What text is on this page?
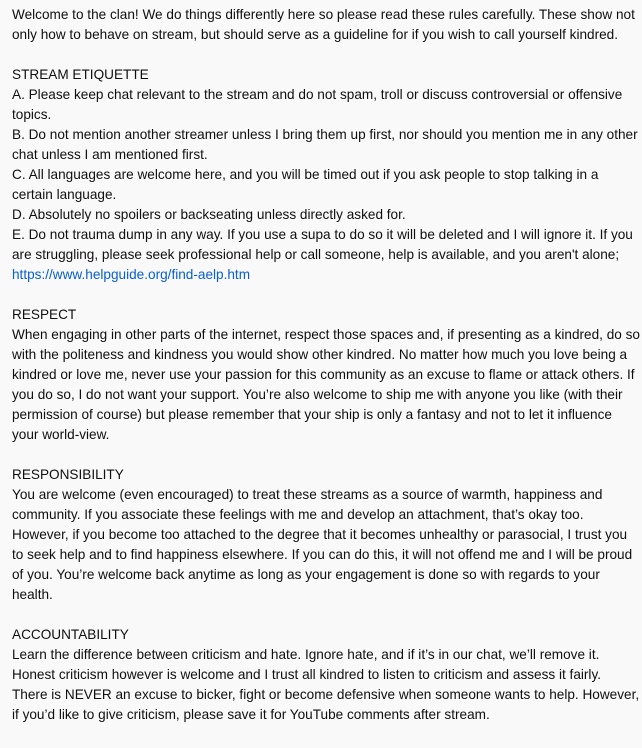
Welcome to the clan! We do things differently here so please read these rules carefully. These show not only how to behave on stream, but should serve as a guideline for if you wish to call yourself kindred.

STREAM ETIQUETTE

A. Please keep chat relevant to the stream and do not spam, troll or discuss controversial or offensive topics.

B. Do not mention another streamer unless I bring them up first, nor should you mention me in any other chat unless I am mentioned first.

C. All languages are welcome here, and you will be timed out if you ask people to stop talking in a certain language.

D. Absolutely no spoilers or backseating unless directly asked for.

E. Do not trauma dump in any way. If you use a supa to do so it will be deleted and I will ignore it. If you are struggling, please seek professional help or call someone, help is available, and you aren't alone; https://www.helpguide.org/find-aelp.htm

RESPECT

When engaging in other parts of the internet, respect those spaces and, if presenting as a kindred, do so with the politeness and kindness you would show other kindred. No matter how much you love being a kindred or love me, never use your passion for this community as an excuse to flame or attack others. If you do so, I do not want your support. You’re also welcome to ship me with anyone you like (with their permission of course) but please remember that your ship is only a fantasy and not to let it influence your world-view.

RESPONSIBILITY

You are welcome (even encouraged) to treat these streams as a source of warmth, happiness and community. If you associate these feelings with me and develop an attachment, that’s okay too. However, if you become too attached to the degree that it becomes unhealthy or parasocial, I trust you to seek help and to find happiness elsewhere. If you can do this, it will not offend me and I will be proud of you. You’re welcome back anytime as long as your engagement is done so with regards to your health.

ACCOUNTABILITY

Learn the difference between criticism and hate. Ignore hate, and if it’s in our chat, we’ll remove it. Honest criticism however is welcome and I trust all kindred to listen to criticism and assess it fairly. There is NEVER an excuse to bicker, fight or become defensive when someone wants to help. However, if you’d like to give criticism, please save it for YouTube comments after stream.
